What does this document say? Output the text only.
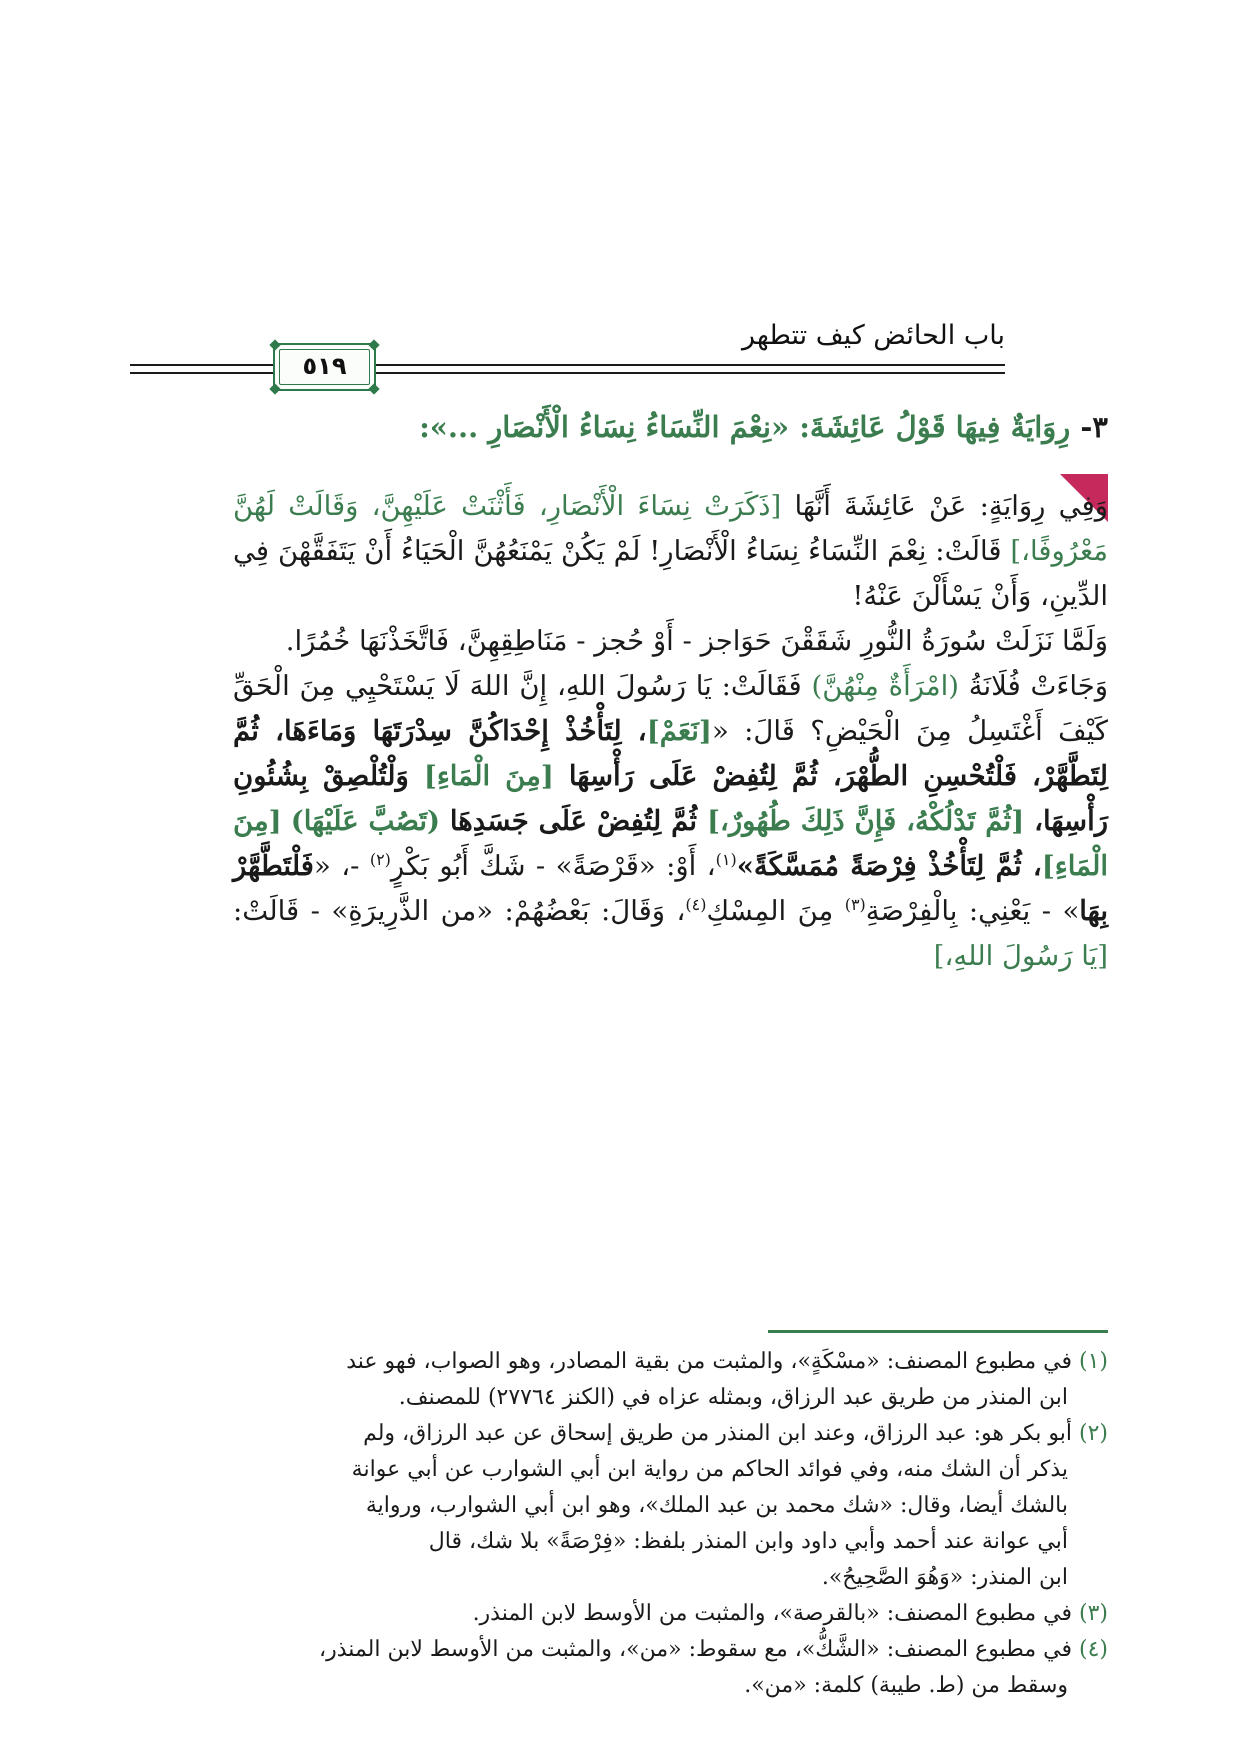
باب الحائض كيف تتطهر
٥١٩
٣- رِوَايَةٌ فِيهَا قَوْلُ عَائِشَةَ: «نِعْمَ النِّسَاءُ نِسَاءُ الْأَنْصَارِ ...»:

وَفِي رِوَايَةٍ: عَنْ عَائِشَةَ أَنَّهَا [ذَكَرَتْ نِسَاءَ الْأَنْصَارِ، فَأَثْنَتْ عَلَيْهِنَّ، وَقَالَتْ لَهُنَّ مَعْرُوفًا،] قَالَتْ: نِعْمَ النِّسَاءُ نِسَاءُ الْأَنْصَارِ! لَمْ يَكُنْ يَمْنَعُهُنَّ الْحَيَاءُ أَنْ يَتَفَقَّهْنَ فِي الدِّينِ، وَأَنْ يَسْأَلْنَ عَنْهُ!

وَلَمَّا نَزَلَتْ سُورَةُ النُّورِ شَقَقْنَ حَوَاجز - أَوْ حُجز - مَنَاطِقِهِنَّ، فَاتَّخَذْنَهَا خُمُرًا.

وَجَاءَتْ فُلَانَةُ (امْرَأَةٌ مِنْهُنَّ) فَقَالَتْ: يَا رَسُولَ اللهِ، إِنَّ اللهَ لَا يَسْتَحْيِي مِنَ الْحَقِّ كَيْفَ أَغْتَسِلُ مِنَ الْحَيْضِ؟ قَالَ: «[نَعَمْ]، لِتَأْخُذْ إِحْدَاكُنَّ سِدْرَتَهَا وَمَاءَهَا، ثُمَّ لِتَطَّهَّرْ، فَلْتُحْسِنِ الطُّهْرَ، ثُمَّ لِتُفِضْ عَلَى رَأْسِهَا [مِنَ الْمَاءِ] وَلْتُلْصِقْ بِشُئُونِ رَأْسِهَا، [ثُمَّ تَدْلُكْهُ، فَإِنَّ ذَلِكَ طُهُورٌ،] ثُمَّ لِتُفِضْ عَلَى جَسَدِهَا (تَصُبَّ عَلَيْهَا) [مِنَ الْمَاءِ]، ثُمَّ لِتَأْخُذْ فِرْصَةً مُمَسَّكَةً»$^{(١)}$، أَوْ: «قَرْصَةً» - شَكَّ أَبُو بَكْرٍ$^{(٢)}$ -، «فَلْتَطَّهَّرْ بِهَا» - يَعْنِي: بِالْفِرْصَةِ$^{(٣)}$ مِنَ المِسْكِ$^{(٤)}$، وَقَالَ: بَعْضُهُمْ: «من الذَّرِيرَةِ» - قَالَتْ: [يَا رَسُولَ اللهِ،]

(١) في مطبوع المصنف: «مسْكَةٍ»، والمثبت من بقية المصادر، وهو الصواب، فهو عند

ابن المنذر من طريق عبد الرزاق، وبمثله عزاه في (الكنز ٢٧٧٦٤) للمصنف.

(٢) أبو بكر هو: عبد الرزاق، وعند ابن المنذر من طريق إسحاق عن عبد الرزاق، ولم

يذكر أن الشك منه، وفي فوائد الحاكم من رواية ابن أبي الشوارب عن أبي عوانة

بالشك أيضا، وقال: «شك محمد بن عبد الملك»، وهو ابن أبي الشوارب، ورواية

أبي عوانة عند أحمد وأبي داود وابن المنذر بلفظ: «فِرْصَةً» بلا شك، قال

ابن المنذر: «وَهُوَ الصَّحِيحُ».

(٣) في مطبوع المصنف: «بالقرصة»، والمثبت من الأوسط لابن المنذر.

(٤) في مطبوع المصنف: «الشَّكُّ»، مع سقوط: «من»، والمثبت من الأوسط لابن المنذر،

وسقط من (ط. طيبة) كلمة: «من».
